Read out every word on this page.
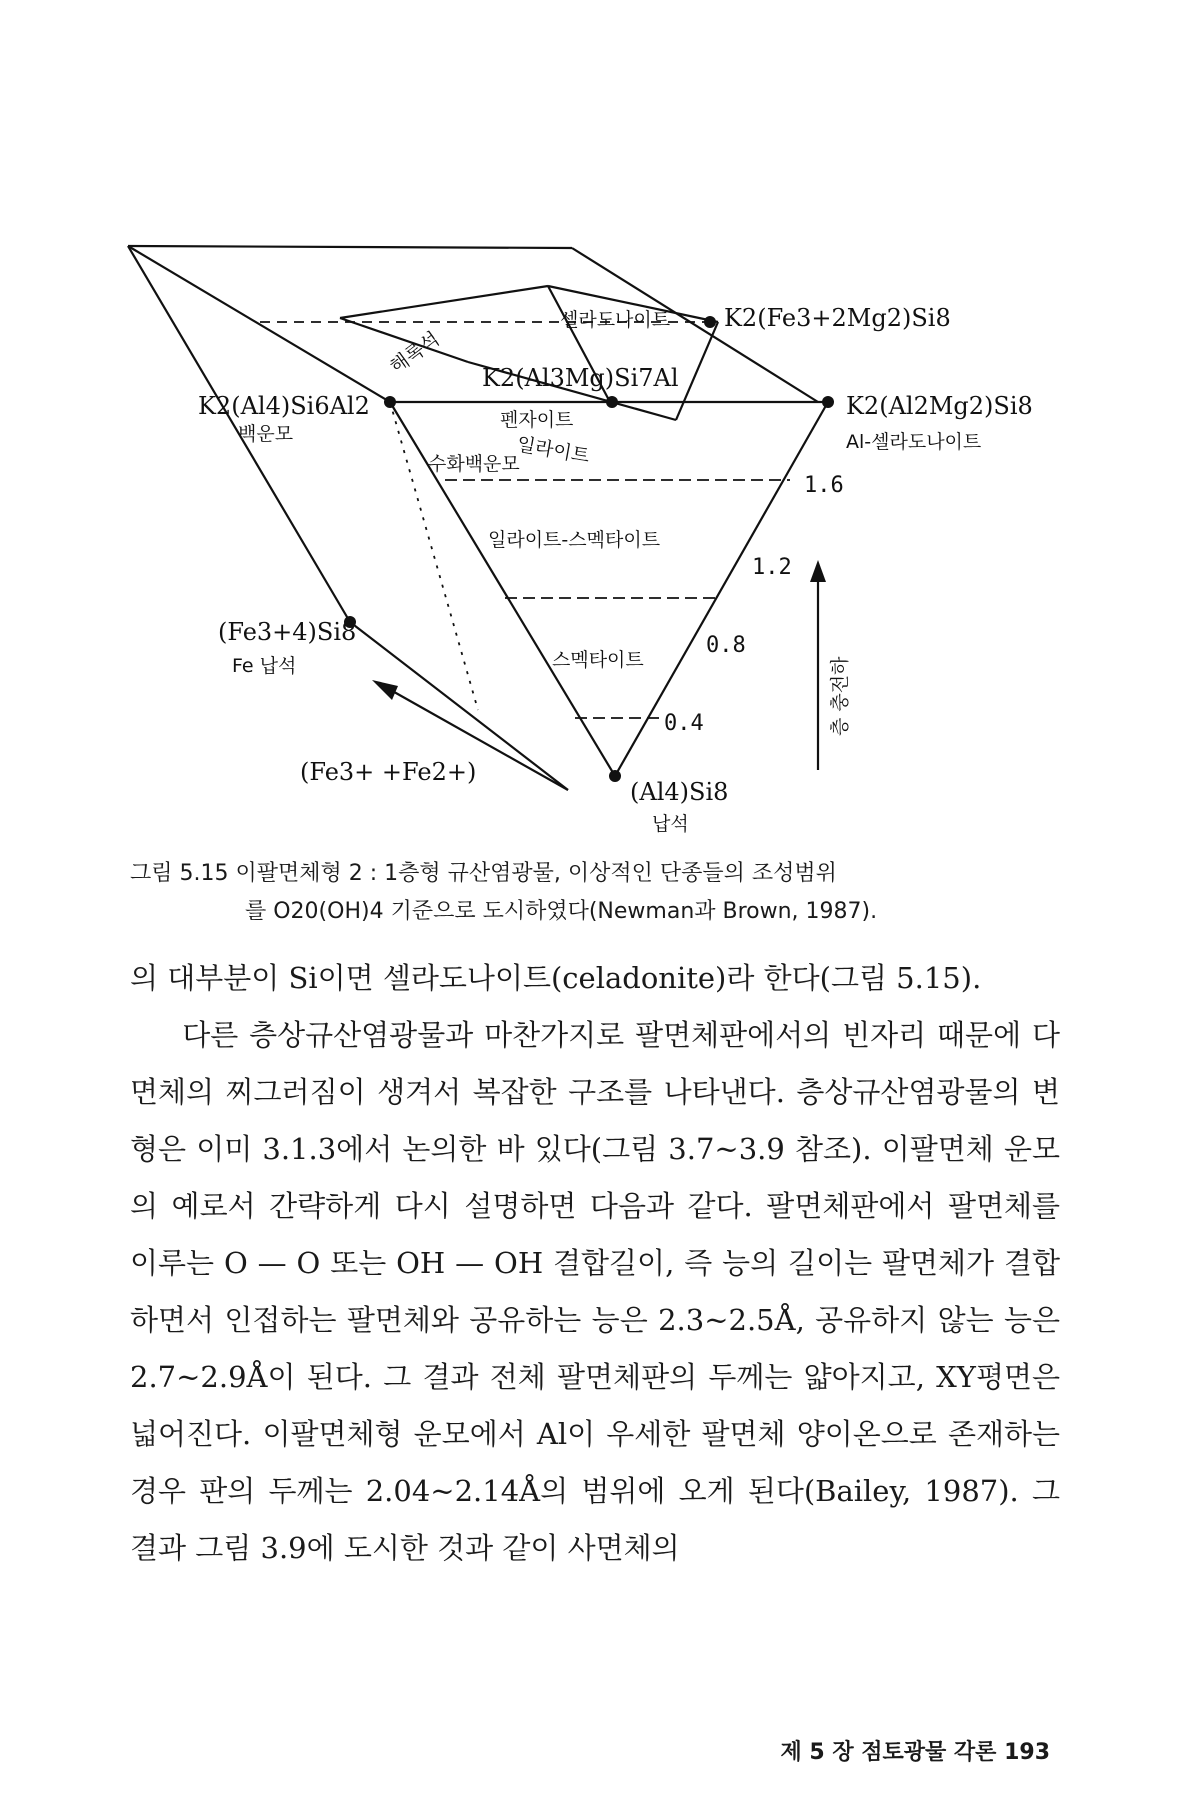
셀라도나이트 K2(Fe3+2Mg2)Si8
해록석
K2(Al4)Si6Al2
백운모
K2(Al3Mg)Si7Al
펜자이트
일라이트
수화백운모
K2(Al2Mg2)Si8
Al-셀라도나이트
일라이트-스멕타이트
스멕타이트
(Fe3+4)Si8
Fe 납석
(Fe3+ +Fe2+)
(Al4)Si8
납석
층 충전하
1.6
1.2
0.8
0.4
그림 5.15 이팔면체형 2 : 1층형 규산염광물, 이상적인 단종들의 조성범위
를 O20(OH)4 기준으로 도시하였다(Newman과 Brown, 1987).
의 대부분이 Si이면 셀라도나이트(celadonite)라 한다(그림 5.15).
다른 층상규산염광물과 마찬가지로 팔면체판에서의 빈자리 때문에 다면체의 찌그러짐이 생겨서 복잡한 구조를 나타낸다. 층상규산염광물의 변형은 이미 3.1.3에서 논의한 바 있다(그림 3.7~3.9 참조). 이팔면체 운모의 예로서 간략하게 다시 설명하면 다음과 같다. 팔면체판에서 팔면체를 이루는 O — O 또는 OH — OH 결합길이, 즉 능의 길이는 팔면체가 결합하면서 인접하는 팔면체와 공유하는 능은 2.3~2.5Å, 공유하지 않는 능은 2.7~2.9Å이 된다. 그 결과 전체 팔면체판의 두께는 얇아지고, XY평면은 넓어진다. 이팔면체형 운모에서 Al이 우세한 팔면체 양이온으로 존재하는 경우 판의 두께는 2.04~2.14Å의 범위에 오게 된다(Bailey, 1987). 그 결과 그림 3.9에 도시한 것과 같이 사면체의
제 5 장 점토광물 각론 193
